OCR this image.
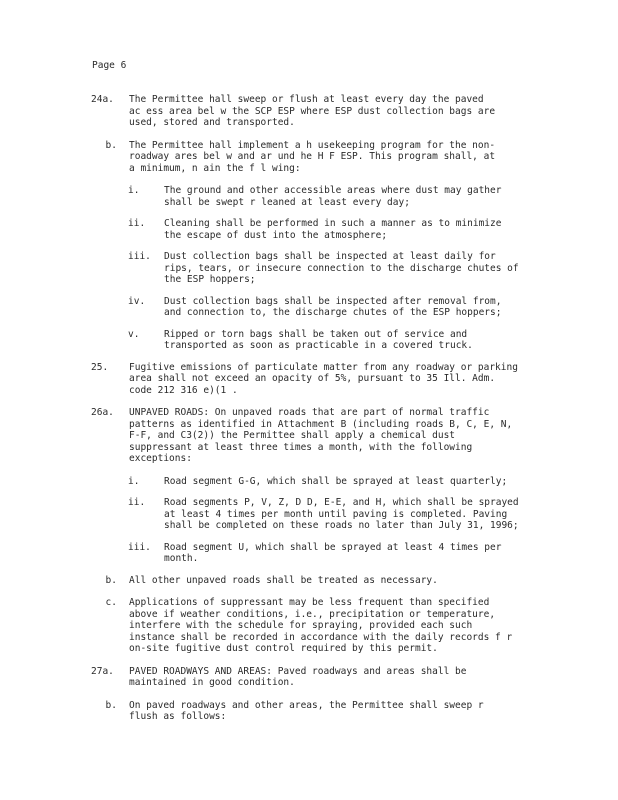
Page 6
24a.	The Permittee hall sweep or flush at least every day the paved
ac ess area bel w the SCP ESP where ESP dust collection bags are
used, stored and transported.
b.	The Permittee hall implement a h usekeeping program for the non-
roadway ares bel w and ar und he H F ESP. This program shall, at
a minimum, n ain the f l wing:
i.	The ground and other accessible areas where dust may gather
shall be swept r leaned at least every day;
ii.	Cleaning shall be performed in such a manner as to minimize
the escape of dust into the atmosphere;
iii.	Dust collection bags shall be inspected at least daily for
rips, tears, or insecure connection to the discharge chutes of
the ESP hoppers;
iv.	Dust collection bags shall be inspected after removal from,
and connection to, the discharge chutes of the ESP hoppers;
v.	Ripped or torn bags shall be taken out of service and
transported as soon as practicable in a covered truck.
25.	Fugitive emissions of particulate matter from any roadway or parking
area shall not exceed an opacity of 5%, pursuant to 35 Ill. Adm.
code 212 316 e)(1 .
26a.	UNPAVED ROADS: On unpaved roads that are part of normal traffic
patterns as identified in Attachment B (including roads B, C, E, N,
F-F, and C3(2)) the Permittee shall apply a chemical dust
suppressant at least three times a month, with the following
exceptions:
i.	Road segment G-G, which shall be sprayed at least quarterly;
ii.	Road segments P, V, Z, D D, E-E, and H, which shall be sprayed
at least 4 times per month until paving is completed. Paving
shall be completed on these roads no later than July 31, 1996;
iii.	Road segment U, which shall be sprayed at least 4 times per
month.
b.	All other unpaved roads shall be treated as necessary.
c.	Applications of suppressant may be less frequent than specified
above if weather conditions, i.e., precipitation or temperature,
interfere with the schedule for spraying, provided each such
instance shall be recorded in accordance with the daily records f r
on-site fugitive dust control required by this permit.
27a.	PAVED ROADWAYS AND AREAS: Paved roadways and areas shall be
maintained in good condition.
b.	On paved roadways and other areas, the Permittee shall sweep r
flush as follows:
